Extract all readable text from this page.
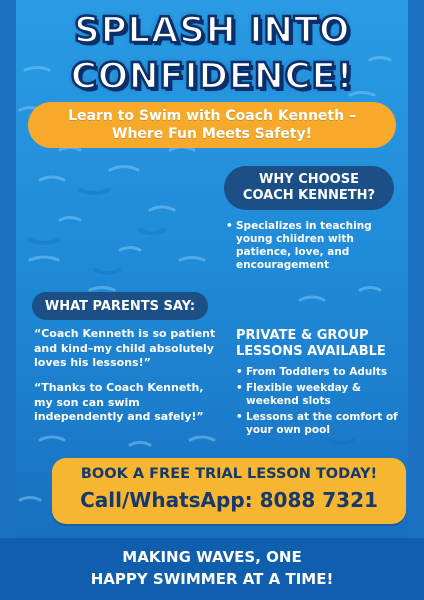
SPLASH INTO
CONFIDENCE!
Learn to Swim with Coach Kenneth –
Where Fun Meets Safety!
WHY CHOOSE
COACH KENNETH?
• Specializes in teaching young chiidren with patience, love, and encouragement
WHAT PARENTS SAY:
“Coach Kenneth is so patient and kind–my child absolutely loves his lessons!”
“Thanks to Coach Kenneth, my son can swim independently and safely!”
PRIVATE & GROUP
LESSONS AVAILABLE
• From Toddlers to Adults
• Flexible weekday & weekend slots
• Lessons at the comfort of your own pool
BOOK A FREE TRIAL LESSON TODAY!
Call/WhatsApp: 8088 7321
MAKING WAVES, ONE
HAPPY SWIMMER AT A TIME!
